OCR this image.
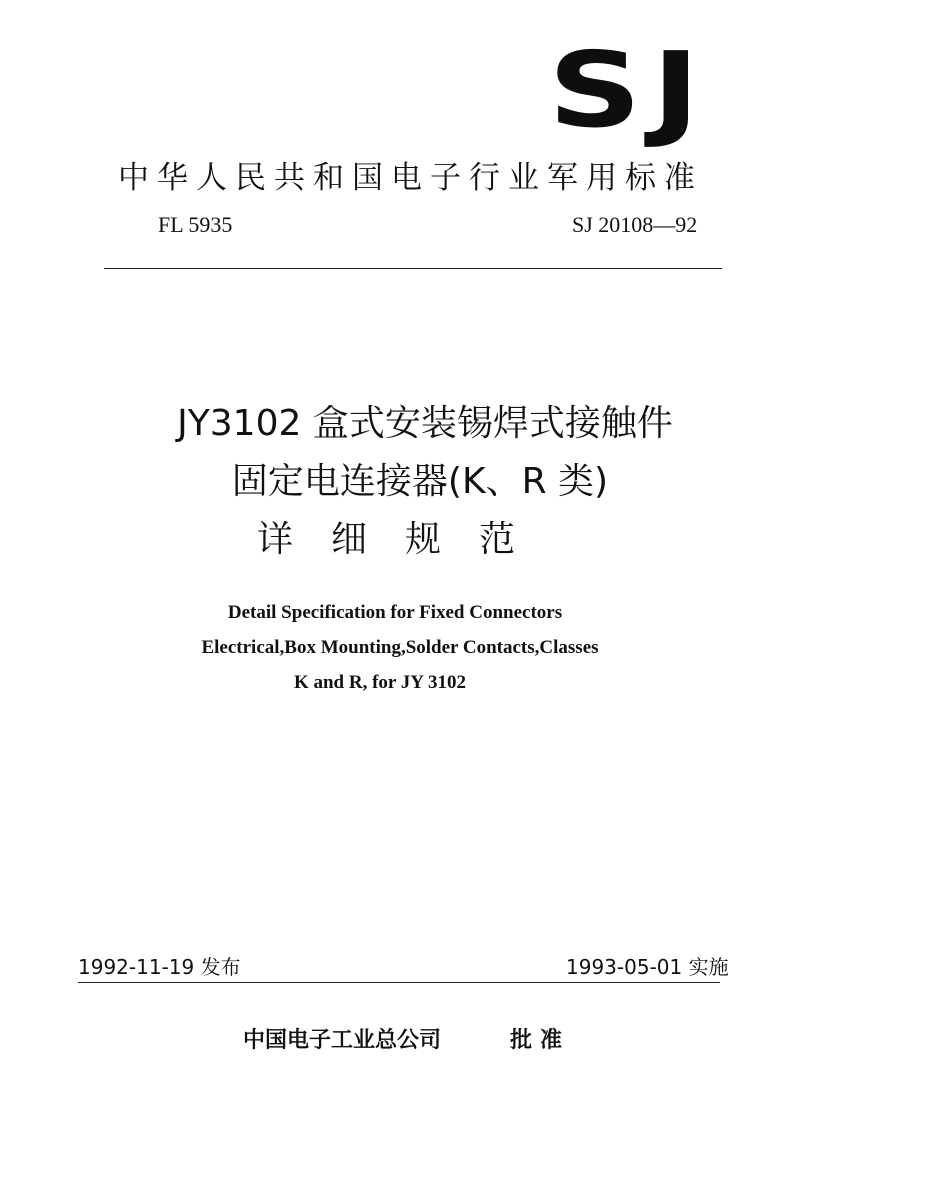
SJ
中华人民共和国电子行业军用标准
FL 5935	SJ 20108—92
JY3102 盒式安装锡焊式接触件
固定电连接器(K、R 类)
详细规范
Detail Specification for Fixed Connectors
Electrical,Box Mounting,Solder Contacts,Classes
K and R, for JY 3102
1992-11-19 发布	1993-05-01 实施
中国电子工业总公司	批准
